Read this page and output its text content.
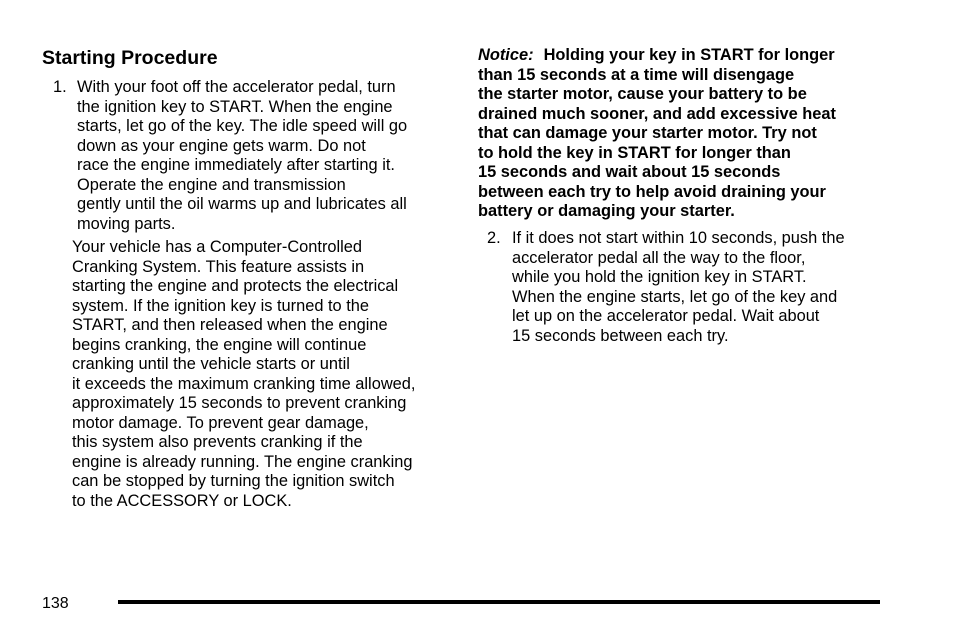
Starting Procedure
1. With your foot off the accelerator pedal, turn
the ignition key to START. When the engine
starts, let go of the key. The idle speed will go
down as your engine gets warm. Do not
race the engine immediately after starting it.
Operate the engine and transmission
gently until the oil warms up and lubricates all
moving parts.
Your vehicle has a Computer-Controlled
Cranking System. This feature assists in
starting the engine and protects the electrical
system. If the ignition key is turned to the
START, and then released when the engine
begins cranking, the engine will continue
cranking until the vehicle starts or until
it exceeds the maximum cranking time allowed,
approximately 15 seconds to prevent cranking
motor damage. To prevent gear damage,
this system also prevents cranking if the
engine is already running. The engine cranking
can be stopped by turning the ignition switch
to the ACCESSORY or LOCK.
Notice: Holding your key in START for longer
than 15 seconds at a time will disengage
the starter motor, cause your battery to be
drained much sooner, and add excessive heat
that can damage your starter motor. Try not
to hold the key in START for longer than
15 seconds and wait about 15 seconds
between each try to help avoid draining your
battery or damaging your starter.
2. If it does not start within 10 seconds, push the
accelerator pedal all the way to the floor,
while you hold the ignition key in START.
When the engine starts, let go of the key and
let up on the accelerator pedal. Wait about
15 seconds between each try.
138
